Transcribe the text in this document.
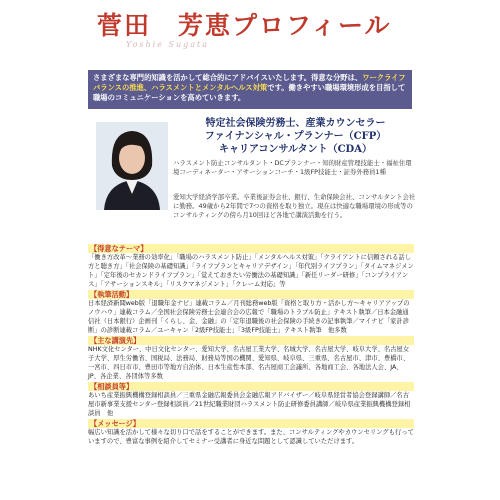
菅田　芳恵プロフィール
Yoshie Sugata
さまざまな専門的知識を活かして総合的にアドバイスいたします。得意な分野は、ワークライフバランスの推進、ハラスメントとメンタルヘルス対策です。働きやすい職場環境形成を目指して職場のコミュニケーションを高めていきます。
特定社会保険労務士、産業カウンセラー
ファイナンシャル・プランナー（CFP）
キャリアコンサルタント（CDA）
ハラスメント防止コンサルタント・DCプランナー・知的財産管理技能士・福祉住環境コーディネーター・アサーションコーチ・1級FP技能士・証券外務員1種
愛知大学経済学部卒業。卒業後証券会社、銀行、生命保険会社、コンサルタント会社に勤務。49歳から2年間で7つの資格を取り独立。現在は快適な職場環境の形成等のコンサルティングの傍ら月10回ほど各地で講演活動を行う。
【得意なテーマ】
「働き方改革～業務の効率化」「職場のハラスメント防止」「メンタルヘルス対策」「クライアントに信頼される話し方と聴き方」「社会保険の基礎知識」「ライフプランとキャリアデザイン」「年代別ライフプラン」「タイムマネジメント」「定年後のセカンドライフプラン」「覚えておきたい労働法の基礎知識」「新任リーダー研修」「コンプライアンス」「アサーションスキル」「リスクマネジメント」「クレーム対応」等
【執筆活動】
日本経済新聞web版「退職年金ナビ」連載コラム／月刊総務web版「資格と取り方・活かし方～キャリアアップのノウハウ」連載コラム／全国社会保険労務士会連合会の広報で「職場のトラブル防止」テキスト執筆／日本金融通信社（日本銀行）企画刊「くらし、金、金融」の「定年退職後の社会保険の手続きの記事執筆／マイナビ「家計診断」の診断連載コラム／ユーキャン「2級FP技能士」「3級FP技能士」テキスト執筆　他多数
【主な講演先】
NHK文化センター、中日文化センター、愛知大学、名古屋工業大学、名城大学、名古屋大学、岐阜大学、名古屋女子大学、厚生労働省、国税局、法務局、財務局等国の機関、愛知県、岐阜県、三重県、名古屋市、津市、豊橋市、一宮市、四日市市、豊田市等地方自治体、日本生産性本部、名古屋商工会議所、各地商工会、各地法人会、JA、JP、各企業、各団体等多数
【相談員等】
あいち産業振興機構登録相談員／三重県金融広報委員会金融広報アドバイザー／岐阜県経営者協会登録講師／名古屋市新事業支援センター登録相談員／21世紀職業財団ハラスメント防止研修委員講師／岐阜県産業振興機構登録相談員　他
【メッセージ】
幅広い知識を活かして様々な切り口で話をすることができます。また、コンサルティングやカウンセリングも行っていますので、豊富な事例を紹介してセミナー受講者に身近な問題として認識していただけます。
